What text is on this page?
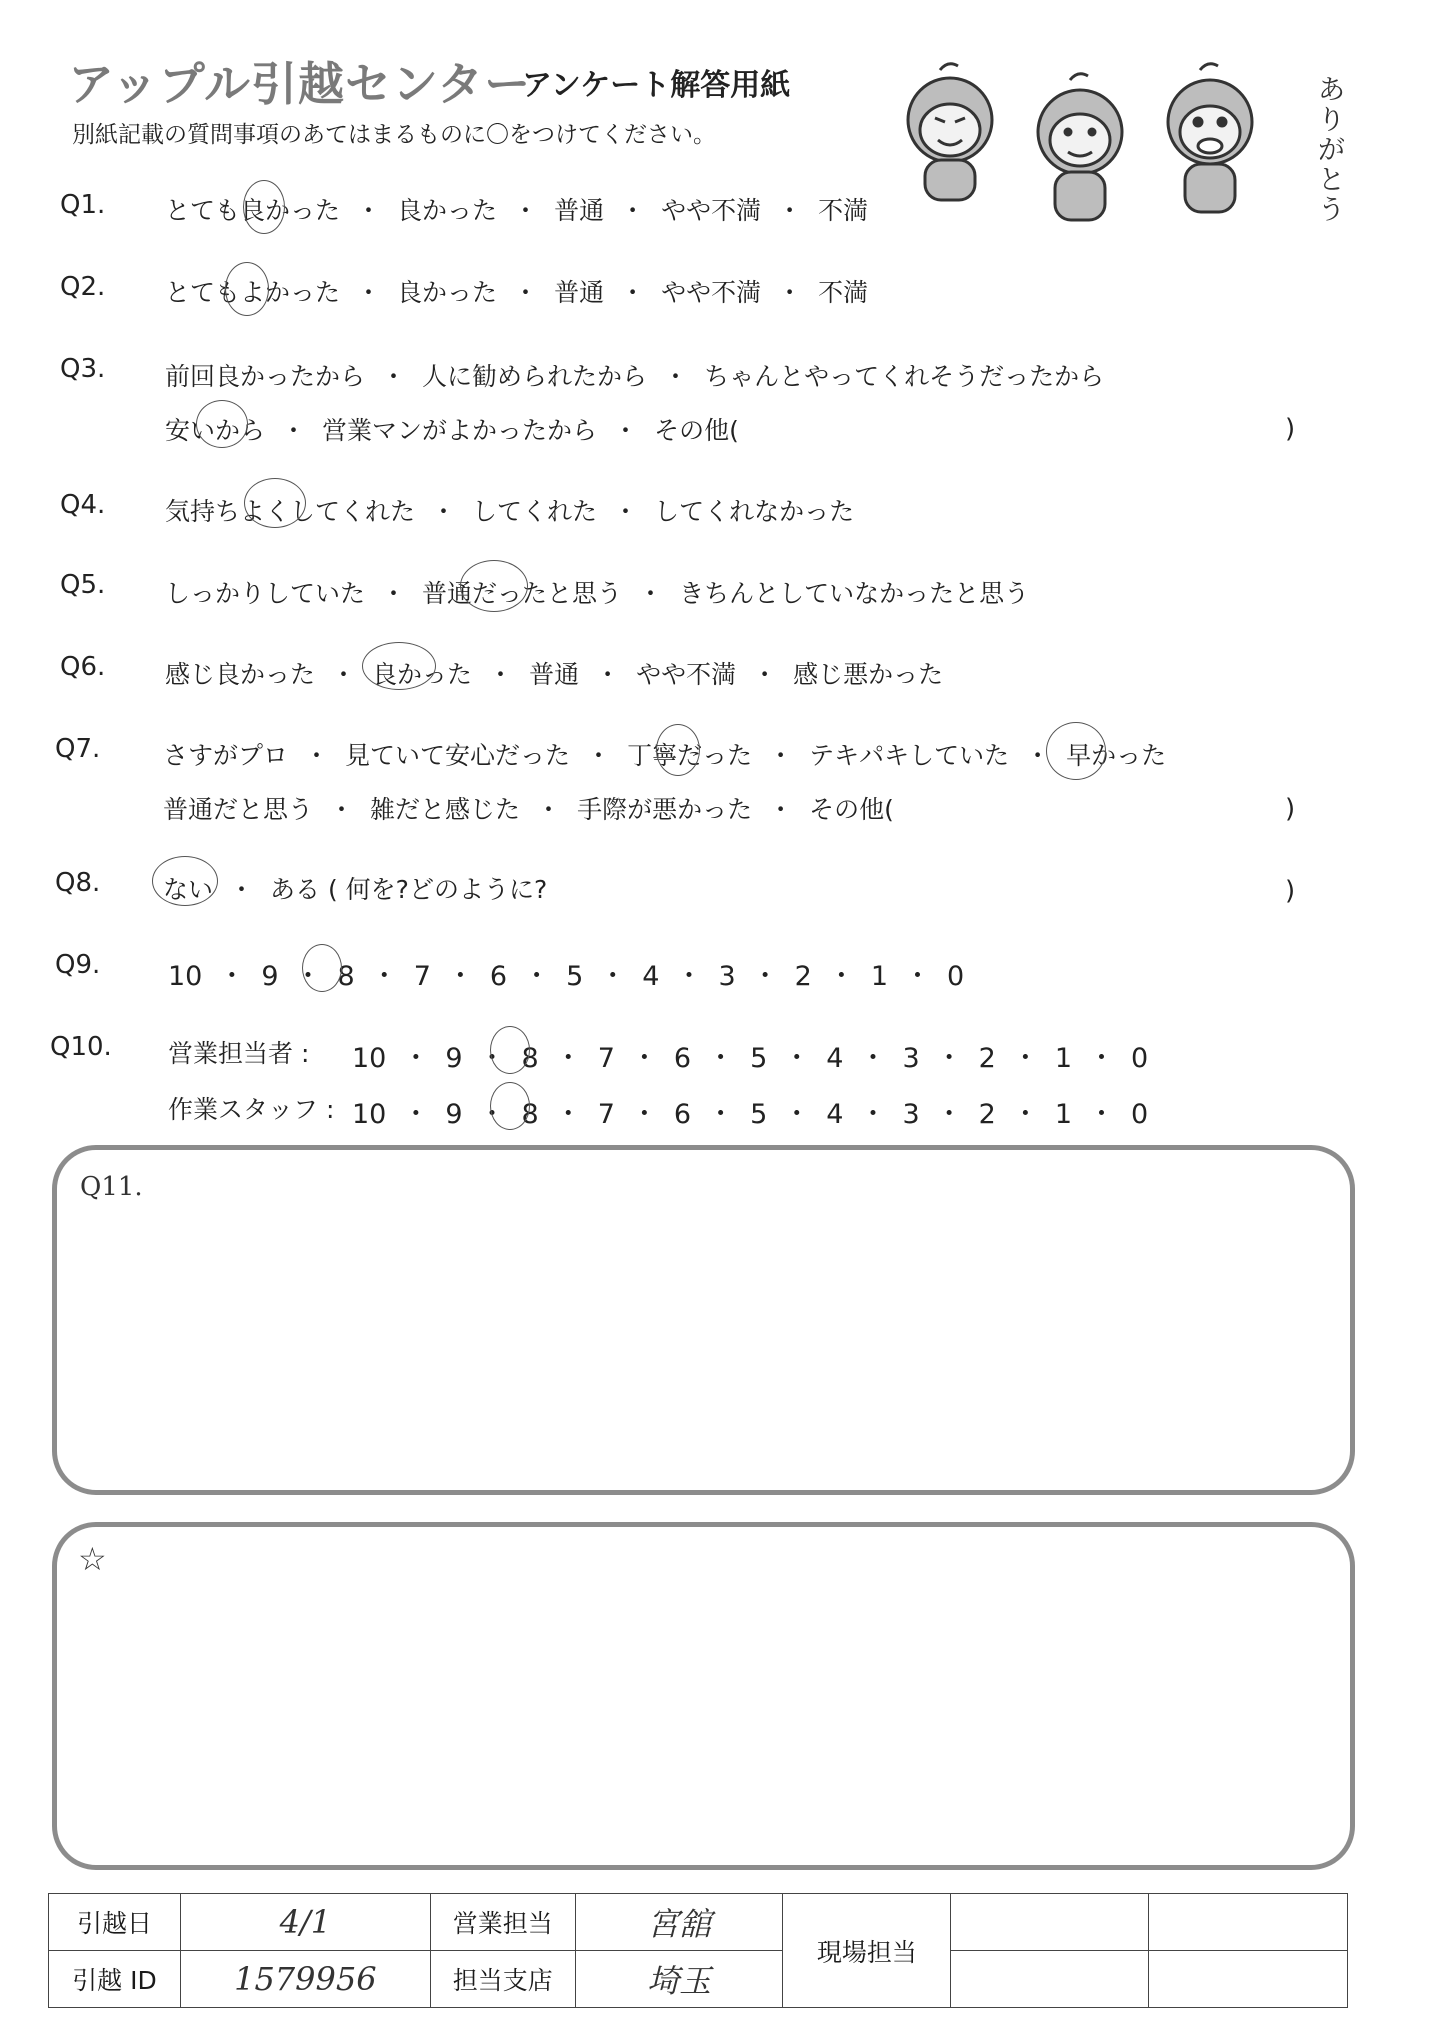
アップル引越センター
アンケート解答用紙
別紙記載の質問事項のあてはまるものに〇をつけてください。
ありがとう
Q1. とても良かった ・ 良かった ・ 普通 ・ やや不満 ・ 不満
Q2. とてもよかった ・ 良かった ・ 普通 ・ やや不満 ・ 不満
Q3. 前回良かったから ・ 人に勧められたから ・ ちゃんとやってくれそうだったから
安いから ・ 営業マンがよかったから ・ その他(	)
Q4. 気持ちよくしてくれた ・ してくれた ・ してくれなかった
Q5. しっかりしていた ・ 普通だったと思う ・ きちんとしていなかったと思う
Q6. 感じ良かった ・ 良かった ・ 普通 ・ やや不満 ・ 感じ悪かった
Q7.	さすがプロ ・ 見ていて安心だった ・ 丁寧だった ・ テキパキしていた ・ 早かった
普通だと思う ・ 雑だと感じた ・ 手際が悪かった ・ その他(	)
Q8.	ない ・ ある ( 何を?どのように?	)
Q9.	10 ・ 9 ・ 8 ・ 7 ・ 6 ・ 5 ・ 4 ・ 3 ・ 2 ・ 1 ・ 0
Q10. 営業担当者 : 10 ・ 9 ・ 8 ・ 7 ・ 6 ・ 5 ・ 4 ・ 3 ・ 2 ・ 1 ・ 0
作業スタッフ : 10 ・ 9 ・ 8 ・ 7 ・ 6 ・ 5 ・ 4 ・ 3 ・ 2 ・ 1 ・ 0
Q11.
☆
引越日	4/1	営業担当	宮舘	現場担当		
引越 ID	1579956	担当支店	埼玉			
